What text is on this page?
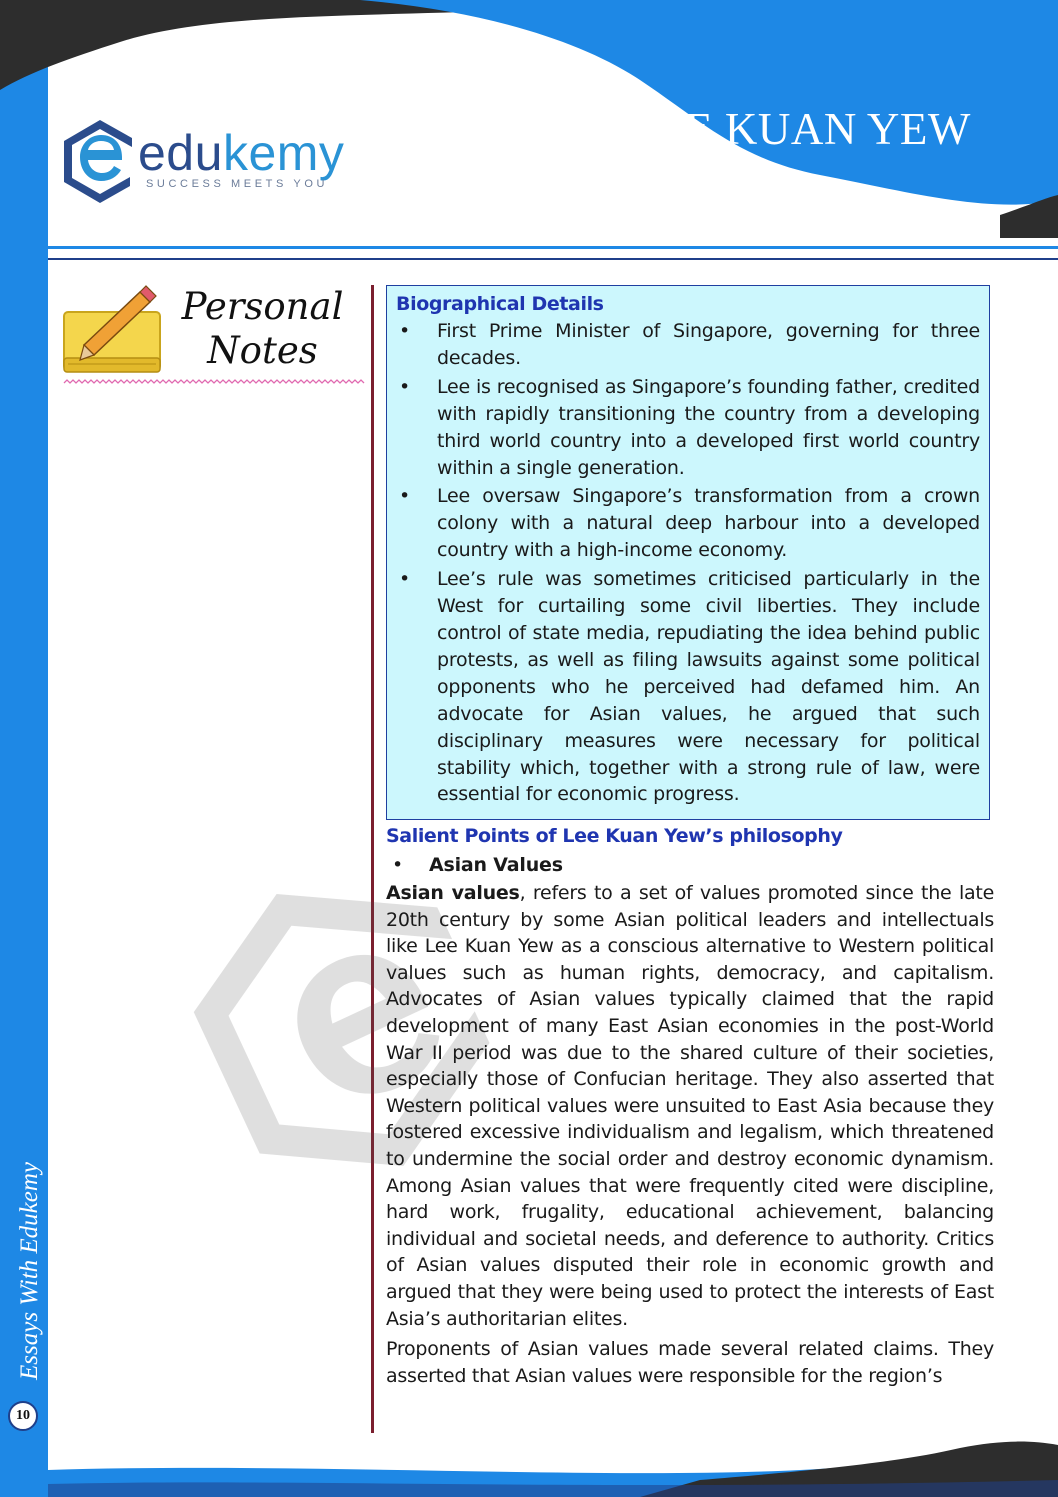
LEE KUAN YEW
edukemy
SUCCESS MEETS YOU
Personal
Notes
Essays With Edukemy
10
Biographical Details
• First Prime Minister of Singapore, governing for three decades.
• Lee is recognised as Singapore’s founding father, credited with rapidly transitioning the country from a developing third world country into a developed first world country within a single generation.
• Lee oversaw Singapore’s transformation from a crown colony with a natural deep harbour into a developed country with a high-income economy.
• Lee’s rule was sometimes criticised particularly in the West for curtailing some civil liberties. They include control of state media, repudiating the idea behind public protests, as well as filing lawsuits against some political opponents who he perceived had defamed him. An advocate for Asian values, he argued that such disciplinary measures were necessary for political stability which, together with a strong rule of law, were essential for economic progress.
Salient Points of Lee Kuan Yew’s philosophy
• Asian Values

Asian values, refers to a set of values promoted since the late 20th century by some Asian political leaders and intellectuals like Lee Kuan Yew as a conscious alternative to Western political values such as human rights, democracy, and capitalism. Advocates of Asian values typically claimed that the rapid development of many East Asian economies in the post-World War II period was due to the shared culture of their societies, especially those of Confucian heritage. They also asserted that Western political values were unsuited to East Asia because they fostered excessive individualism and legalism, which threatened to undermine the social order and destroy economic dynamism. Among Asian values that were frequently cited were discipline, hard work, frugality, educational achievement, balancing individual and societal needs, and deference to authority. Critics of Asian values disputed their role in economic growth and argued that they were being used to protect the interests of East Asia’s authoritarian elites.

Proponents of Asian values made several related claims. They asserted that Asian values were responsible for the region’s
